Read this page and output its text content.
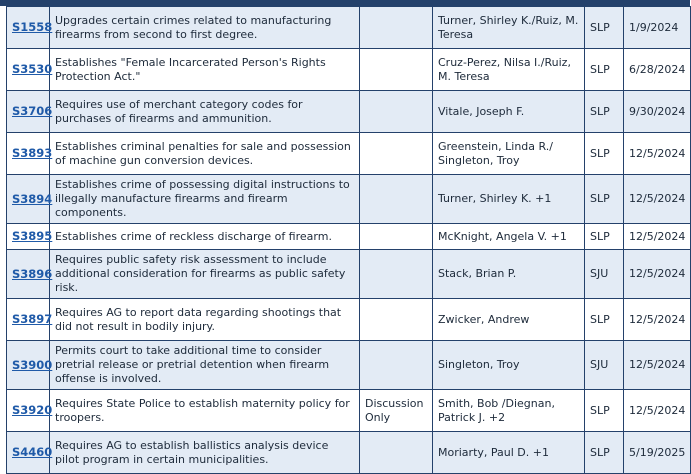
S1558	Upgrades certain crimes related to manufacturing firearms from second to first degree.		Turner, Shirley K./Ruiz, M. Teresa	SLP	1/9/2024
S3530	Establishes "Female Incarcerated Person's Rights Protection Act."		Cruz-Perez, Nilsa I./Ruiz, M. Teresa	SLP	6/28/2024
S3706	Requires use of merchant category codes for purchases of firearms and ammunition.		Vitale, Joseph F.	SLP	9/30/2024
S3893	Establishes criminal penalties for sale and possession of machine gun conversion devices.		Greenstein, Linda R./ Singleton, Troy	SLP	12/5/2024
S3894	Establishes crime of possessing digital instructions to illegally manufacture firearms and firearm components.		Turner, Shirley K. +1	SLP	12/5/2024
S3895	Establishes crime of reckless discharge of firearm.		McKnight, Angela V. +1	SLP	12/5/2024
S3896	Requires public safety risk assessment to include additional consideration for firearms as public safety risk.		Stack, Brian P.	SJU	12/5/2024
S3897	Requires AG to report data regarding shootings that did not result in bodily injury.		Zwicker, Andrew	SLP	12/5/2024
S3900	Permits court to take additional time to consider pretrial release or pretrial detention when firearm offense is involved.		Singleton, Troy	SJU	12/5/2024
S3920	Requires State Police to establish maternity policy for troopers.	Discussion Only	Smith, Bob /Diegnan, Patrick J. +2	SLP	12/5/2024
S4460	Requires AG to establish ballistics analysis device pilot program in certain municipalities.		Moriarty, Paul D. +1	SLP	5/19/2025
